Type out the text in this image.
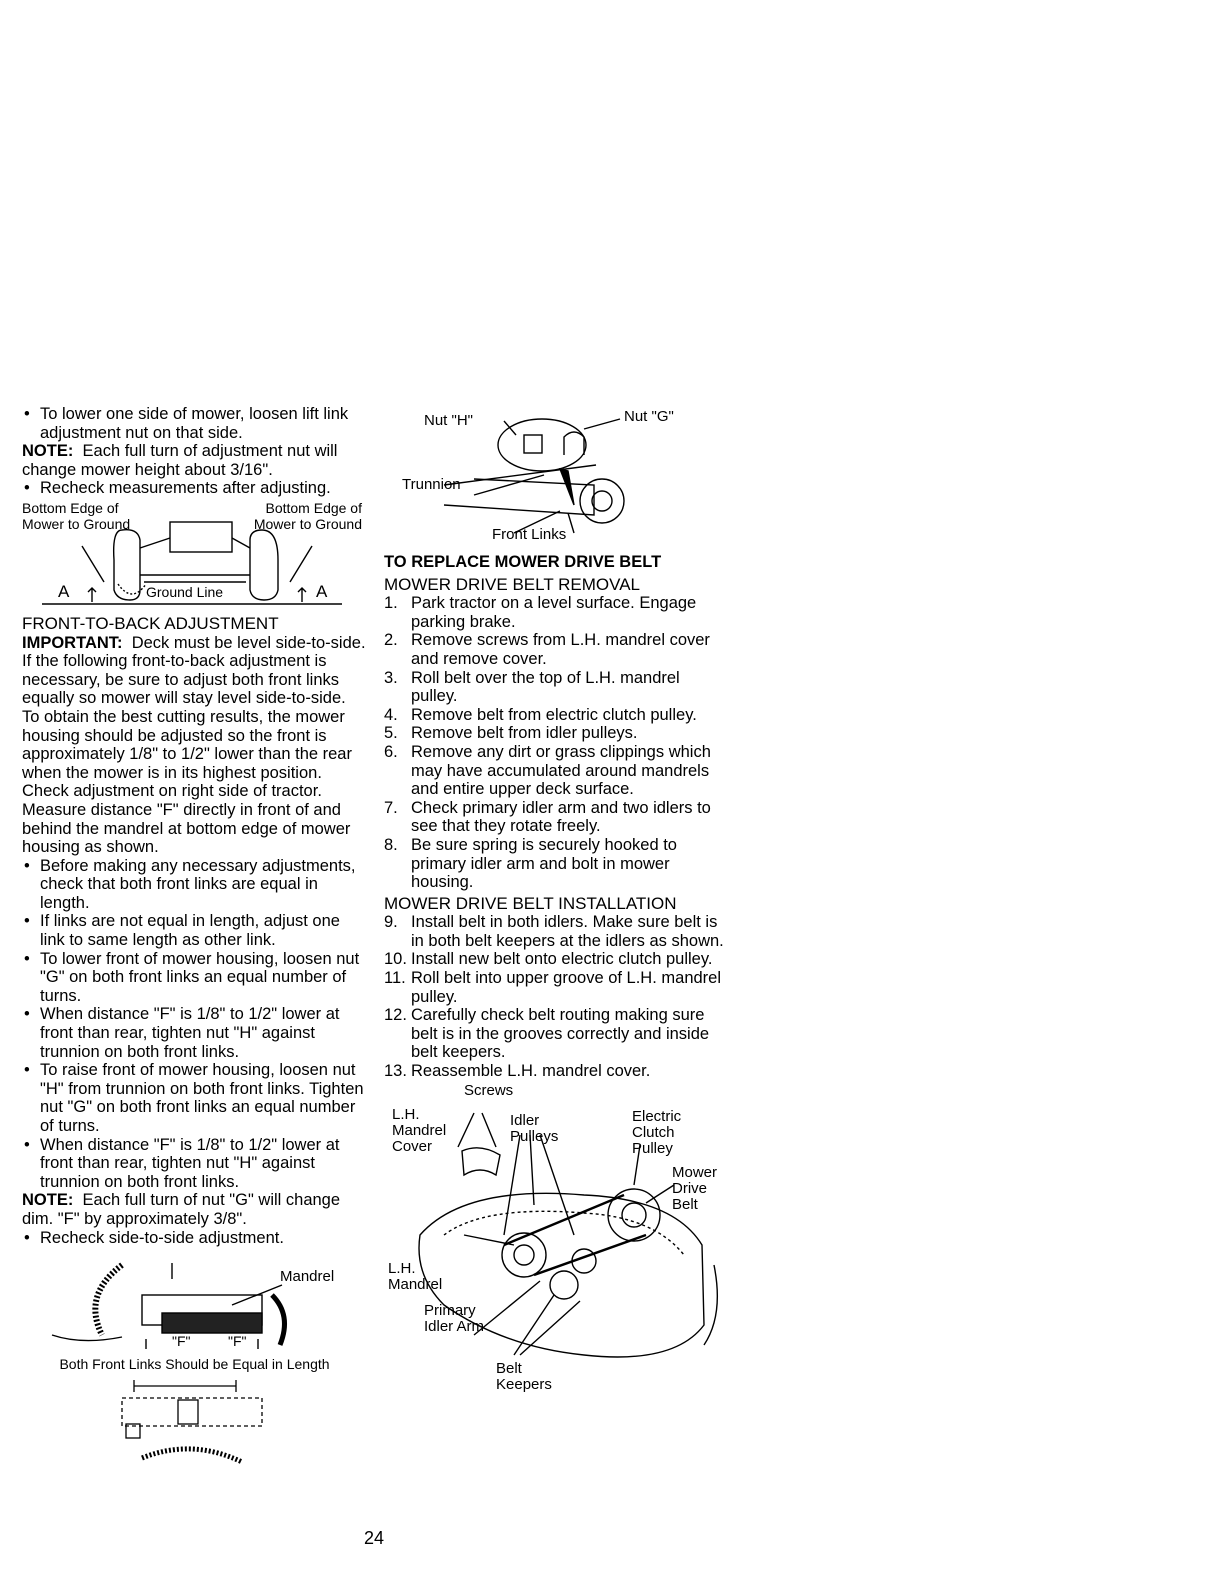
• To lower one side of mower, loosen lift link adjustment nut on that side.

NOTE: Each full turn of adjustment nut will change mower height about 3/16".

• Recheck measurements after adjusting.

Bottom Edge of Mower to Ground
Bottom Edge of Mower to Ground
Ground Line
A	A

FRONT-TO-BACK ADJUSTMENT

IMPORTANT: Deck must be level side-to-side. If the following front-to-back adjustment is necessary, be sure to adjust both front links equally so mower will stay level side-to-side.

To obtain the best cutting results, the mower housing should be adjusted so the front is approximately 1/8" to 1/2" lower than the rear when the mower is in its highest position.

Check adjustment on right side of tractor. Measure distance "F" directly in front of and behind the mandrel at bottom edge of mower housing as shown.

• Before making any necessary adjustments, check that both front links are equal in length.

• If links are not equal in length, adjust one link to same length as other link.

• To lower front of mower housing, loosen nut "G" on both front links an equal number of turns.

• When distance "F" is 1/8" to 1/2" lower at front than rear, tighten nut "H" against trunnion on both front links.

• To raise front of mower housing, loosen nut "H" from trunnion on both front links. Tighten nut "G" on both front links an equal number of turns.

• When distance "F" is 1/8" to 1/2" lower at front than rear, tighten nut "H" against trunnion on both front links.

NOTE: Each full turn of nut "G" will change dim. "F" by approximately 3/8".

• Recheck side-to-side adjustment.

Mandrel
"F"	"F"

Both Front Links Should be Equal in Length

Nut "H"	Nut "G"
Trunnion
Front Links

TO REPLACE MOWER DRIVE BELT

MOWER DRIVE BELT REMOVAL

1. Park tractor on a level surface. Engage parking brake.

2. Remove screws from L.H. mandrel cover and remove cover.

3. Roll belt over the top of L.H. mandrel pulley.

4. Remove belt from electric clutch pulley.

5. Remove belt from idler pulleys.

6. Remove any dirt or grass clippings which may have accumulated around mandrels and entire upper deck surface.

7. Check primary idler arm and two idlers to see that they rotate freely.

8. Be sure spring is securely hooked to primary idler arm and bolt in mower housing.

MOWER DRIVE BELT INSTALLATION

9. Install belt in both idlers. Make sure belt is in both belt keepers at the idlers as shown.

10. Install new belt onto electric clutch pulley.

11. Roll belt into upper groove of L.H. mandrel pulley.

12. Carefully check belt routing making sure belt is in the grooves correctly and inside belt keepers.

13. Reassemble L.H. mandrel cover.

Screws
L.H. Mandrel Cover
Idler Pulleys
Electric Clutch Pulley
Mower Drive Belt
L.H. Mandrel
Primary Idler Arm
Belt Keepers
24
